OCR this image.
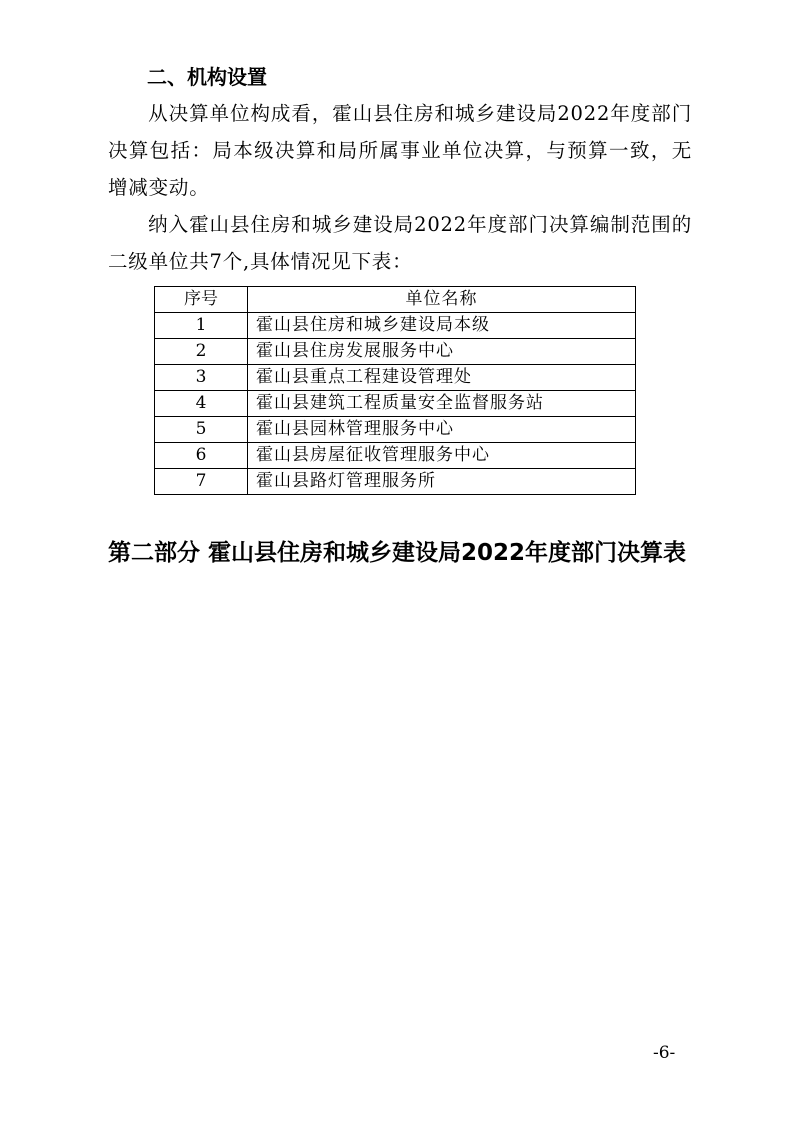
二、机构设置

从决算单位构成看，霍山县住房和城乡建设局2022年度部门决算包括：局本级决算和局所属事业单位决算，与预算一致，无增减变动。

纳入霍山县住房和城乡建设局2022年度部门决算编制范围的二级单位共7个,具体情况见下表：

序号	单位名称
1	霍山县住房和城乡建设局本级
2	霍山县住房发展服务中心
3	霍山县重点工程建设管理处
4	霍山县建筑工程质量安全监督服务站
5	霍山县园林管理服务中心
6	霍山县房屋征收管理服务中心
7	霍山县路灯管理服务所
第二部分 霍山县住房和城乡建设局2022年度部门决算表
-6-
